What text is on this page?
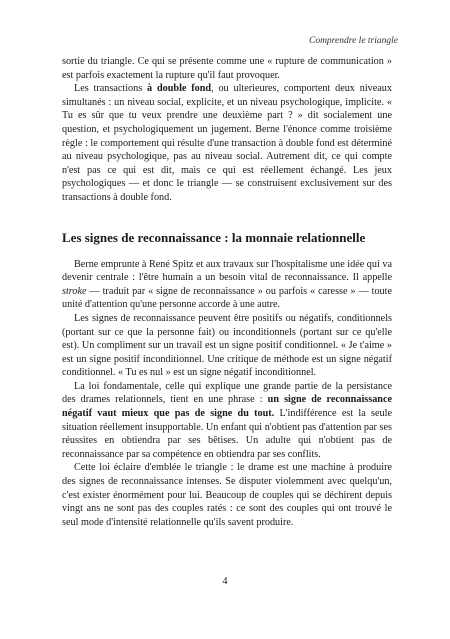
Comprendre le triangle

sortie du triangle. Ce qui se présente comme une « rupture de communication » est parfois exactement la rupture qu'il faut provoquer.

Les transactions à double fond, ou ulterieures, comportent deux niveaux simultanés : un niveau social, explicite, et un niveau psychologique, implicite. « Tu es sûr que tu veux prendre une deuxième part ? » dit socialement une question, et psychologiquement un jugement. Berne l'énonce comme troisième règle : le comportement qui résulte d'une transaction à double fond est déterminé au niveau psychologique, pas au niveau social. Autrement dit, ce qui compte n'est pas ce qui est dit, mais ce qui est réellement échangé. Les jeux psychologiques — et donc le triangle — se construisent exclusivement sur des transactions à double fond.

Les signes de reconnaissance : la monnaie relationnelle

Berne emprunte à René Spitz et aux travaux sur l'hospitalisme une idée qui va devenir centrale : l'être humain a un besoin vital de reconnaissance. Il appelle stroke — traduit par « signe de reconnaissance » ou parfois « caresse » — toute unité d'attention qu'une personne accorde à une autre.

Les signes de reconnaissance peuvent être positifs ou négatifs, conditionnels (portant sur ce que la personne fait) ou inconditionnels (portant sur ce qu'elle est). Un compliment sur un travail est un signe positif conditionnel. « Je t'aime » est un signe positif inconditionnel. Une critique de méthode est un signe négatif conditionnel. « Tu es nul » est un signe négatif inconditionnel.

La loi fondamentale, celle qui explique une grande partie de la persistance des drames relationnels, tient en une phrase : un signe de reconnaissance négatif vaut mieux que pas de signe du tout. L'indifférence est la seule situation réellement insupportable. Un enfant qui n'obtient pas d'attention par ses réussites en obtiendra par ses bêtises. Un adulte qui n'obtient pas de reconnaissance par sa compétence en obtiendra par ses conflits.

Cette loi éclaire d'emblée le triangle : le drame est une machine à produire des signes de reconnaissance intenses. Se disputer violemment avec quelqu'un, c'est exister énormément pour lui. Beaucoup de couples qui se déchirent depuis vingt ans ne sont pas des couples ratés : ce sont des couples qui ont trouvé le seul mode d'intensité relationnelle qu'ils savent produire.

4
